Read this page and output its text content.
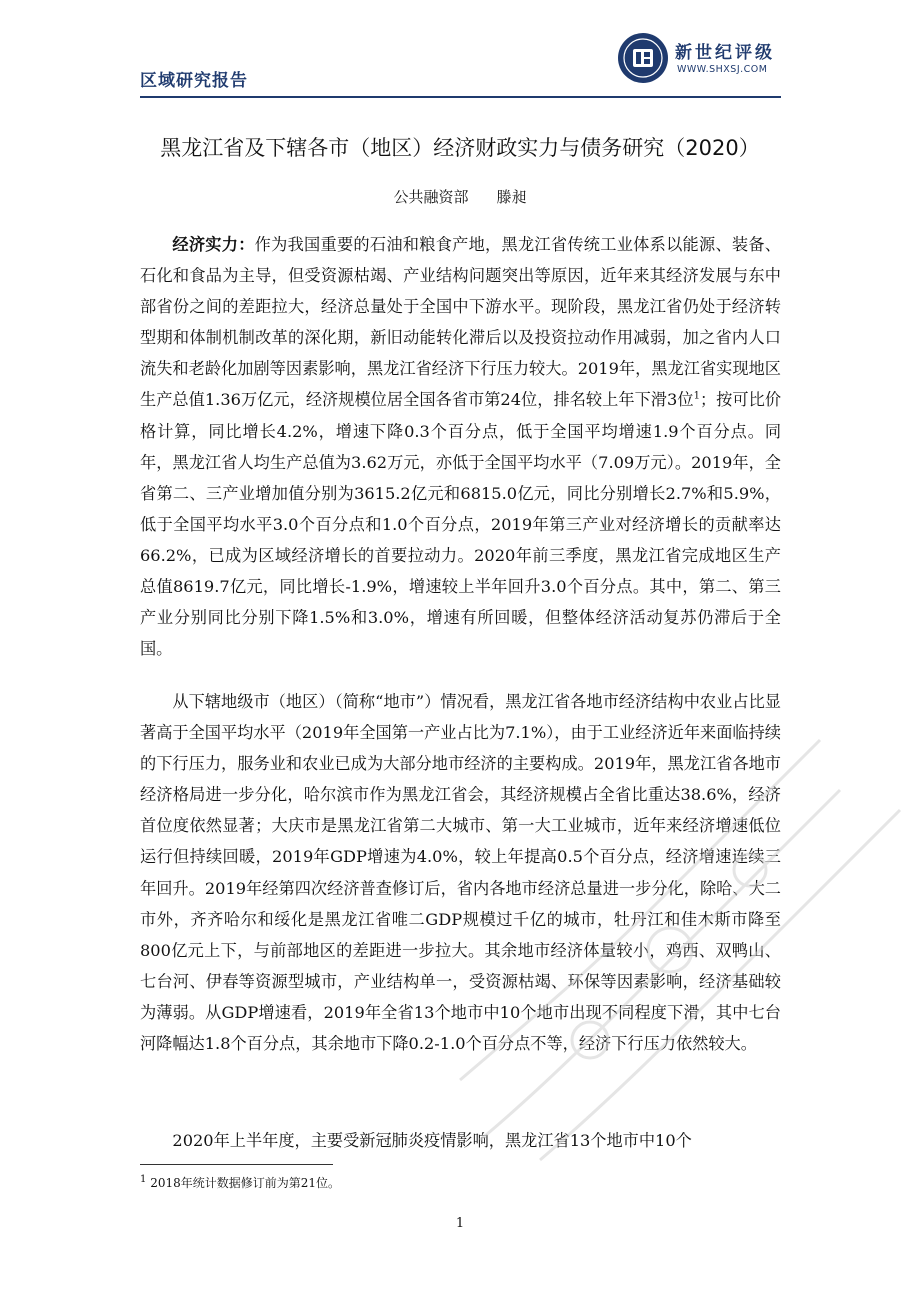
区域研究报告
新世纪评级
WWW.SHXSJ.COM
黑龙江省及下辖各市（地区）经济财政实力与债务研究（2020）
公共融资部 滕昶

经济实力：作为我国重要的石油和粮食产地，黑龙江省传统工业体系以能源、装备、石化和食品为主导，但受资源枯竭、产业结构问题突出等原因，近年来其经济发展与东中部省份之间的差距拉大，经济总量处于全国中下游水平。现阶段，黑龙江省仍处于经济转型期和体制机制改革的深化期，新旧动能转化滞后以及投资拉动作用减弱，加之省内人口流失和老龄化加剧等因素影响，黑龙江省经济下行压力较大。2019年，黑龙江省实现地区生产总值1.36万亿元，经济规模位居全国各省市第24位，排名较上年下滑3位$^1$；按可比价格计算，同比增长4.2%，增速下降0.3个百分点，低于全国平均增速1.9个百分点。同年，黑龙江省人均生产总值为3.62万元，亦低于全国平均水平（7.09万元）。2019年，全省第二、三产业增加值分别为3615.2亿元和6815.0亿元，同比分别增长2.7%和5.9%，低于全国平均水平3.0个百分点和1.0个百分点，2019年第三产业对经济增长的贡献率达66.2%，已成为区域经济增长的首要拉动力。2020年前三季度，黑龙江省完成地区生产总值8619.7亿元，同比增长-1.9%，增速较上半年回升3.0个百分点。其中，第二、第三产业分别同比分别下降1.5%和3.0%，增速有所回暖，但整体经济活动复苏仍滞后于全国。

从下辖地级市（地区）（简称“地市”）情况看，黑龙江省各地市经济结构中农业占比显著高于全国平均水平（2019年全国第一产业占比为7.1%），由于工业经济近年来面临持续的下行压力，服务业和农业已成为大部分地市经济的主要构成。2019年，黑龙江省各地市经济格局进一步分化，哈尔滨市作为黑龙江省会，其经济规模占全省比重达38.6%，经济首位度依然显著；大庆市是黑龙江省第二大城市、第一大工业城市，近年来经济增速低位运行但持续回暖，2019年GDP增速为4.0%，较上年提高0.5个百分点，经济增速连续三年回升。2019年经第四次经济普查修订后，省内各地市经济总量进一步分化，除哈、大二市外，齐齐哈尔和绥化是黑龙江省唯二GDP规模过千亿的城市，牡丹江和佳木斯市降至800亿元上下，与前部地区的差距进一步拉大。其余地市经济体量较小，鸡西、双鸭山、七台河、伊春等资源型城市，产业结构单一，受资源枯竭、环保等因素影响，经济基础较为薄弱。从GDP增速看，2019年全省13个地市中10个地市出现不同程度下滑，其中七台河降幅达1.8个百分点，其余地市下降0.2-1.0个百分点不等，经济下行压力依然较大。

2020年上半年度，主要受新冠肺炎疫情影响，黑龙江省13个地市中10个

$^1$ 2018年统计数据修订前为第21位。
1
